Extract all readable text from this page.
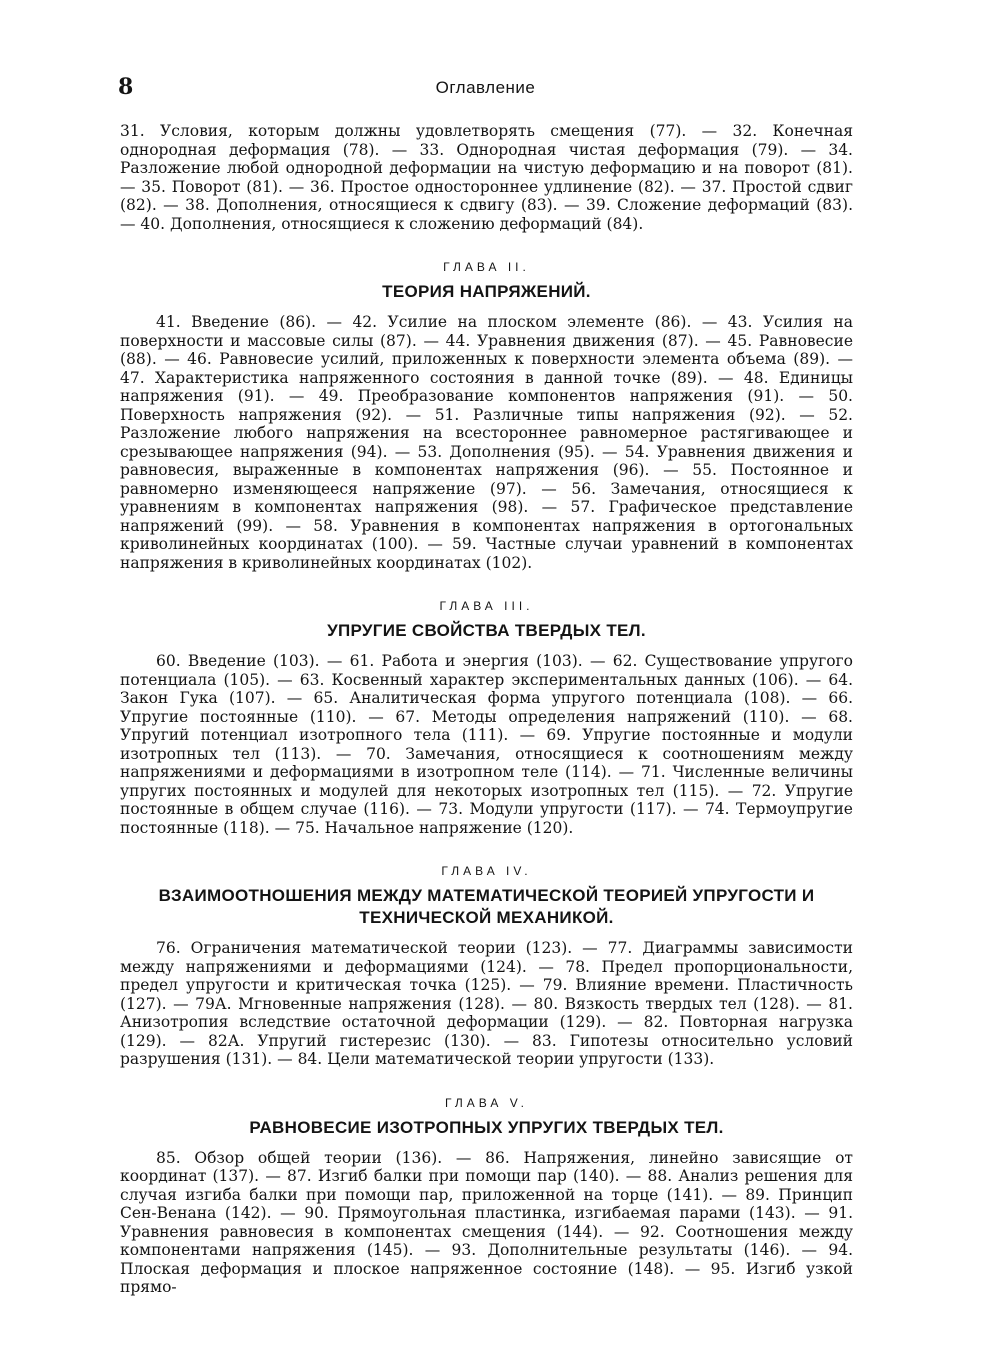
8	Оглавление

31. Условия, которым должны удовлетворять смещения (77). — 32. Конечная однородная деформация (78). — 33. Однородная чистая деформация (79). — 34. Разложение любой однородной деформации на чистую деформацию и на поворот (81). — 35. Поворот (81). — 36. Простое одностороннее удлинение (82). — 37. Простой сдвиг (82). — 38. Дополнения, относящиеся к сдвигу (83). — 39. Сложение деформаций (83). — 40. Дополнения, относящиеся к сложению деформаций (84).

ГЛАВА II.
ТЕОРИЯ НАПРЯЖЕНИЙ.

41. Введение (86). — 42. Усилие на плоском элементе (86). — 43. Усилия на поверхности и массовые силы (87). — 44. Уравнения движения (87). — 45. Равновесие (88). — 46. Равновесие усилий, приложенных к поверхности элемента объема (89). — 47. Характеристика напряженного состояния в данной точке (89). — 48. Единицы напряжения (91). — 49. Преобразование компонентов напряжения (91). — 50. Поверхность напряжения (92). — 51. Различные типы напряжения (92). — 52. Разложение любого напряжения на всестороннее равномерное растягивающее и срезывающее напряжения (94). — 53. Дополнения (95). — 54. Уравнения движения и равновесия, выраженные в компонентах напряжения (96). — 55. Постоянное и равномерно изменяющееся напряжение (97). — 56. Замечания, относящиеся к уравнениям в компонентах напряжения (98). — 57. Графическое представление напряжений (99). — 58. Уравнения в компонентах напряжения в ортогональных криволинейных координатах (100). — 59. Частные случаи уравнений в компонентах напряжения в криволинейных координатах (102).

ГЛАВА III.
УПРУГИЕ СВОЙСТВА ТВЕРДЫХ ТЕЛ.

60. Введение (103). — 61. Работа и энергия (103). — 62. Существование упругого потенциала (105). — 63. Косвенный характер экспериментальных данных (106). — 64. Закон Гука (107). — 65. Аналитическая форма упругого потенциала (108). — 66. Упругие постоянные (110). — 67. Методы определения напряжений (110). — 68. Упругий потенциал изотропного тела (111). — 69. Упругие постоянные и модули изотропных тел (113). — 70. Замечания, относящиеся к соотношениям между напряжениями и деформациями в изотропном теле (114). — 71. Численные величины упругих постоянных и модулей для некоторых изотропных тел (115). — 72. Упругие постоянные в общем случае (116). — 73. Модули упругости (117). — 74. Термоупругие постоянные (118). — 75. Начальное напряжение (120).

ГЛАВА IV.
ВЗАИМООТНОШЕНИЯ МЕЖДУ МАТЕМАТИЧЕСКОЙ ТЕОРИЕЙ УПРУГОСТИ И ТЕХНИЧЕСКОЙ МЕХАНИКОЙ.

76. Ограничения математической теории (123). — 77. Диаграммы зависимости между напряжениями и деформациями (124). — 78. Предел пропорциональности, предел упругости и критическая точка (125). — 79. Влияние времени. Пластичность (127). — 79А. Мгновенные напряжения (128). — 80. Вязкость твердых тел (128). — 81. Анизотропия вследствие остаточной деформации (129). — 82. Повторная нагрузка (129). — 82А. Упругий гистерезис (130). — 83. Гипотезы относительно условий разрушения (131). — 84. Цели математической теории упругости (133).

ГЛАВА V.
РАВНОВЕСИЕ ИЗОТРОПНЫХ УПРУГИХ ТВЕРДЫХ ТЕЛ.

85. Обзор общей теории (136). — 86. Напряжения, линейно зависящие от координат (137). — 87. Изгиб балки при помощи пар (140). — 88. Анализ решения для случая изгиба балки при помощи пар, приложенной на торце (141). — 89. Принцип Сен-Венана (142). — 90. Прямоугольная пластинка, изгибаемая парами (143). — 91. Уравнения равновесия в компонентах смещения (144). — 92. Соотношения между компонентами напряжения (145). — 93. Дополнительные результаты (146). — 94. Плоская деформация и плоское напряженное состояние (148). — 95. Изгиб узкой прямо-
